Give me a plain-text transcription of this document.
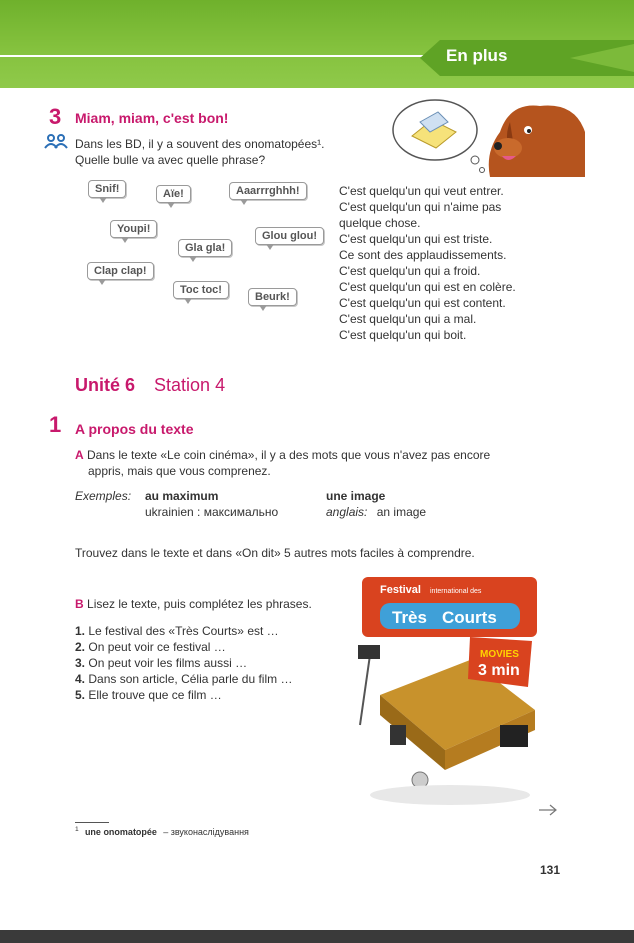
En plus
3 Miam, miam, c'est bon!
Dans les BD, il y a souvent des onomatopées¹.
Quelle bulle va avec quelle phrase?
Snif!	Aïe!	Aaarrrghhh!
Youpi!
Glou glou!
Gla gla!
Clap clap!
Toc toc!
Beurk!
C'est quelqu'un qui veut entrer.
C'est quelqu'un qui n'aime pas
quelque chose.
C'est quelqu'un qui est triste.
Ce sont des applaudissements.
C'est quelqu'un qui a froid.
C'est quelqu'un qui est en colère.
C'est quelqu'un qui est content.
C'est quelqu'un qui a mal.
C'est quelqu'un qui boit.
Unité 6 Station 4
1 A propos du texte
A Dans le texte «Le coin cinéma», il y a des mots que vous n'avez pas encore
appris, mais que vous comprenez.
Exemples: au maximum
ukrainien : максимально
une image
anglais: an image
Trouvez dans le texte et dans «On dit» 5 autres mots faciles à comprendre.
B Lisez le texte, puis complétez les phrases.
1. Le festival des «Très Courts» est …
2. On peut voir ce festival …
3. On peut voir les films aussi …
4. Dans son article, Célia parle du film …
5. Elle trouve que ce film …
Festival international des
Très Courts
MOVIES
3 min
$^1$ une onomatopée – звуконаслідування
131
